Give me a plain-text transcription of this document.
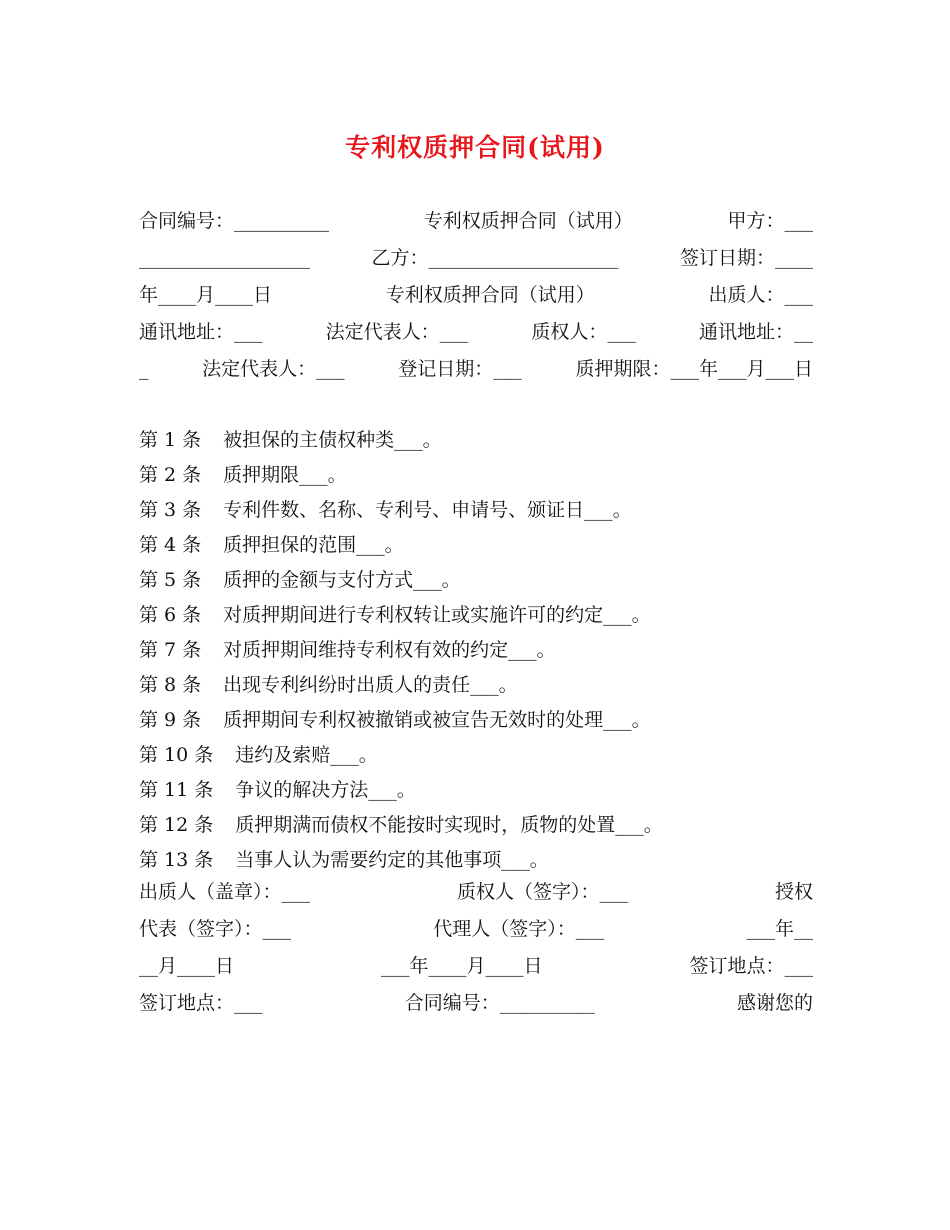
专利权质押合同(试用)
合同编号：__________	专利权质押合同（试用）	甲方：___
__________________	乙方：____________________	签订日期：____
年____月____日	专利权质押合同（试用）	出质人：___
通讯地址：___	法定代表人：___	质权人：___	通讯地址：__
_	法定代表人：___	登记日期：___	质押期限：___年___月___日

第 1 条 被担保的主债权种类___。
第 2 条 质押期限___。
第 3 条 专利件数、名称、专利号、申请号、颁证日___。
第 4 条 质押担保的范围___。
第 5 条 质押的金额与支付方式___。
第 6 条 对质押期间进行专利权转让或实施许可的约定___。
第 7 条 对质押期间维持专利权有效的约定___。
第 8 条 出现专利纠纷时出质人的责任___。
第 9 条 质押期间专利权被撤销或被宣告无效时的处理___。
第 10 条 违约及索赔___。
第 11 条 争议的解决方法___。
第 12 条 质押期满而债权不能按时实现时，质物的处置___。
第 13 条 当事人认为需要约定的其他事项___。
出质人（盖章）：___	质权人（签字）：___	授权
代表（签字）：___	代理人（签字）：___	___年__
__月____日	___年____月____日	签订地点：___
签订地点：___	合同编号：__________	感谢您的
